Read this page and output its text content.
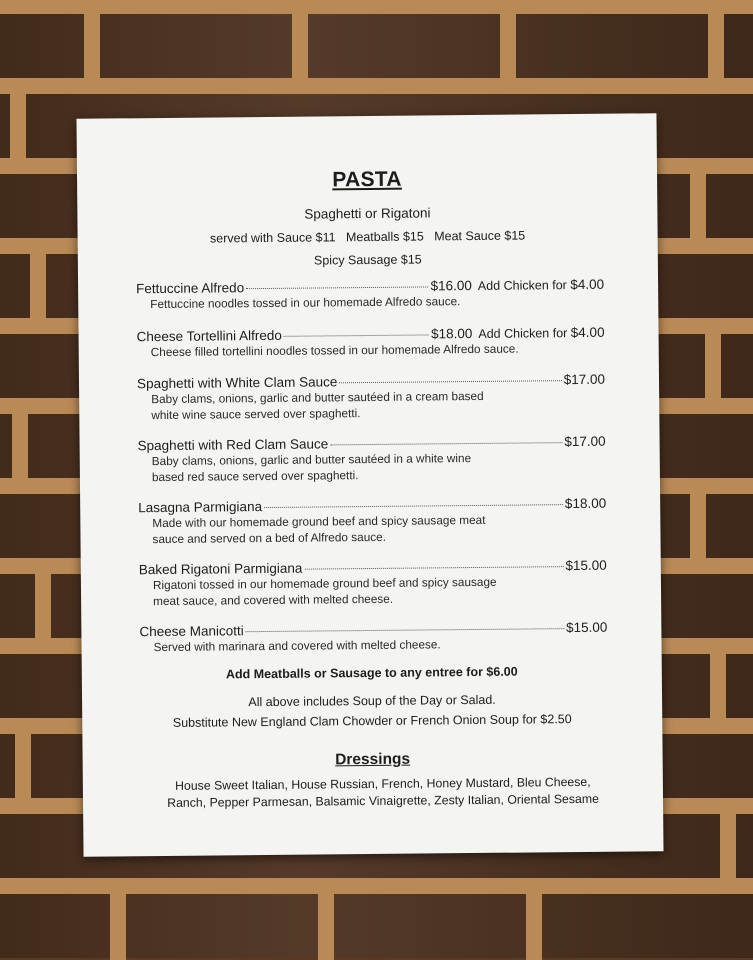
PASTA
Spaghetti or Rigatoni
served with Sauce $11   Meatballs $15   Meat Sauce $15
Spicy Sausage $15
Fettuccine Alfredo	$16.00 Add Chicken for $4.00
Fettuccine noodles tossed in our homemade Alfredo sauce.
Cheese Tortellini Alfredo	$18.00 Add Chicken for $4.00
Cheese filled tortellini noodles tossed in our homemade Alfredo sauce.
Spaghetti with White Clam Sauce	$17.00
Baby clams, onions, garlic and butter sautéed in a cream based
white wine sauce served over spaghetti.
Spaghetti with Red Clam Sauce	$17.00
Baby clams, onions, garlic and butter sautéed in a white wine
based red sauce served over spaghetti.
Lasagna Parmigiana	$18.00
Made with our homemade ground beef and spicy sausage meat
sauce and served on a bed of Alfredo sauce.
Baked Rigatoni Parmigiana	$15.00
Rigatoni tossed in our homemade ground beef and spicy sausage
meat sauce, and covered with melted cheese.
Cheese Manicotti	$15.00
Served with marinara and covered with melted cheese.
Add Meatballs or Sausage to any entree for $6.00
All above includes Soup of the Day or Salad.
Substitute New England Clam Chowder or French Onion Soup for $2.50
Dressings
House Sweet Italian, House Russian, French, Honey Mustard, Bleu Cheese,
Ranch, Pepper Parmesan, Balsamic Vinaigrette, Zesty Italian, Oriental Sesame
